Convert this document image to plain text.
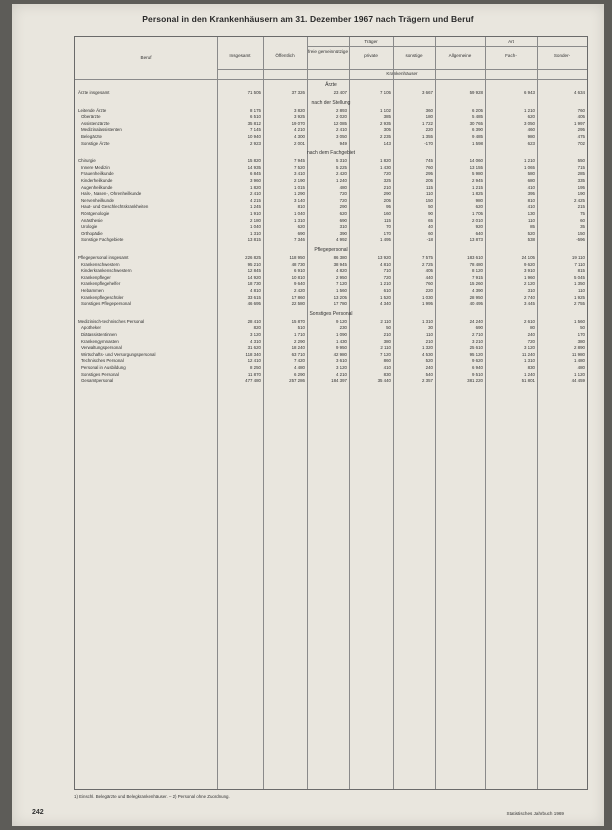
Personal in den Krankenhäusern am 31. Dezember 1967 nach Trägern und Beruf
Beruf	Insgesamt	Öffentlich
Träger
freie gemeinnützige
private	sonstige
Art
Allgemeine	Fach-	Sonder-
Krankenhäuser
Ärzte
Ärzte insgesamt	71 505	37 326	23 407	7 105	3 667	59 928	6 943	4 634
nach der Stellung
Leitende Ärzte	8 175	3 820	2 893	1 102	360	6 205	1 210	760
Oberärzte	6 510	3 925	2 020	385	180	5 485	620	405
Assistenzärzte	35 812	19 070	12 085	2 935	1 722	30 765	3 050	1 997
Medizinalassistenten	7 145	4 210	2 410	305	220	6 390	460	295
Belegärzte	10 940	4 300	3 050	2 235	1 355	9 485	980	475
Sonstige Ärzte	2 923	2 001	949	143	-170	1 598	623	702
nach dem Fachgebiet
Chirurgie	15 820	7 945	5 310	1 820	745	14 060	1 210	550
Innere Medizin	14 935	7 520	5 225	1 430	760	13 155	1 065	715
Frauenheilkunde	6 845	3 410	2 420	720	295	5 980	580	285
Kinderheilkunde	3 960	2 190	1 240	325	205	2 945	680	335
Augenheilkunde	1 820	1 015	480	210	115	1 215	410	195
Hals-, Nasen-, Ohrenheilkunde	2 410	1 290	720	290	110	1 825	395	190
Nervenheilkunde	4 215	3 140	720	205	150	980	810	2 425
Haut- und Geschlechtskrankheiten	1 245	810	290	95	50	620	410	215
Röntgenologie	1 910	1 040	620	160	90	1 705	130	75
Anästhesie	2 180	1 310	690	115	65	2 010	110	60
Urologie	1 040	620	310	70	40	920	85	35
Orthopädie	1 310	690	390	170	60	640	520	150
Sonstige Fachgebiete	13 815	7 346	4 992	1 495	-18	13 873	538	-596
Pflegepersonal
Pflegepersonal insgesamt	226 825	118 950	86 380	13 920	7 575	183 610	24 105	19 110
Krankenschwestern	95 210	48 730	38 945	4 810	2 725	78 480	9 620	7 110
Kinderkrankenschwestern	12 845	6 910	4 820	710	405	8 120	3 910	815
Krankenpfleger	14 920	10 810	2 950	720	440	7 915	1 960	5 045
Krankenpflegehelfer	18 730	9 640	7 120	1 210	760	15 260	2 120	1 350
Hebammen	4 810	2 420	1 560	610	220	4 390	310	110
Krankenpflegeschüler	33 615	17 860	13 205	1 520	1 030	28 950	2 740	1 925
Sonstiges Pflegepersonal	46 695	22 580	17 780	4 340	1 995	40 495	3 445	2 755
Sonstiges Personal
Medizinisch-technisches Personal	28 410	15 870	9 120	2 110	1 310	24 240	2 610	1 560
Apotheker	820	510	230	50	30	690	80	50
Diätassistentinnen	3 120	1 710	1 090	210	110	2 710	240	170
Krankengymnasten	4 310	2 290	1 430	380	210	3 210	720	380
Verwaltungspersonal	31 620	18 240	9 950	2 110	1 320	25 610	3 120	2 890
Wirtschafts- und Versorgungspersonal	118 340	63 710	42 980	7 120	4 530	95 120	11 240	11 980
Technisches Personal	12 410	7 420	3 610	860	520	9 620	1 310	1 480
Personal in Ausbildung	8 250	4 480	3 120	410	240	6 940	830	480
Sonstiges Personal	11 870	6 290	4 210	830	540	9 510	1 240	1 120
Gesamtpersonal	477 480	257 286	184 397	35 440	2 357	381 220	51 801	44 459
1) Einschl. Belegärzte und Belegkrankenhäuser. – 2) Personal ohne Zuordnung.
242	Statistisches Jahrbuch 1969
